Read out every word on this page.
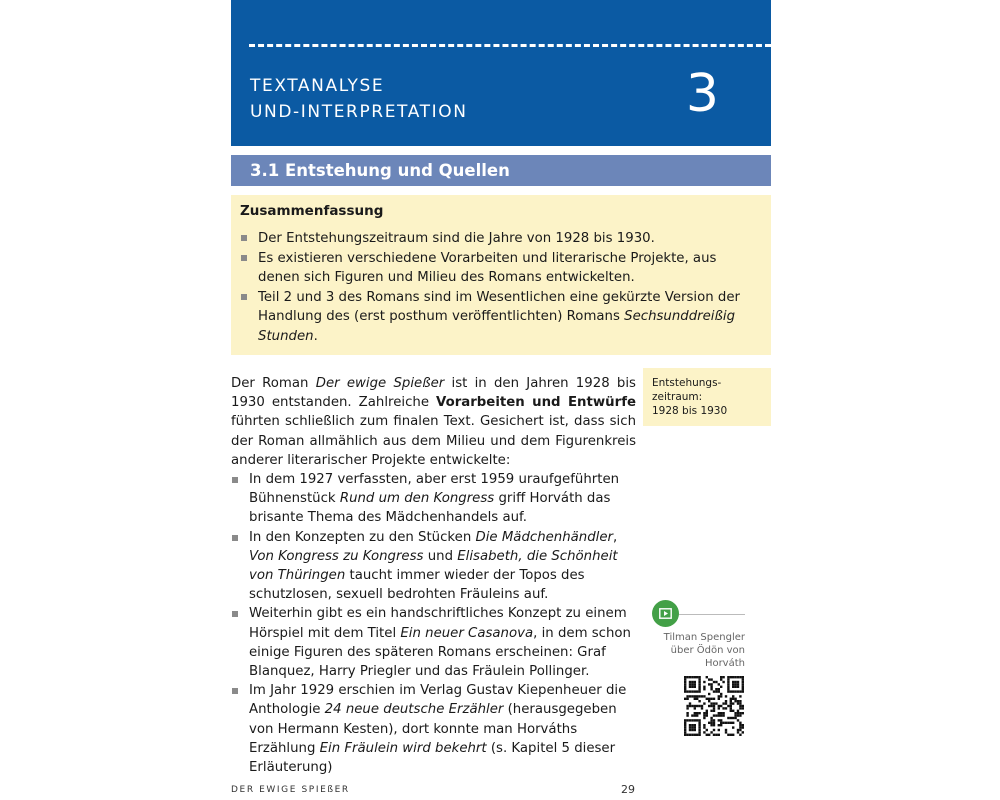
TEXTANALYSE
UND-INTERPRETATION	3
3.1 Entstehung und Quellen
Zusammenfassung
Der Entstehungszeitraum sind die Jahre von 1928 bis 1930.
Es existieren verschiedene Vorarbeiten und literarische Projekte, aus denen sich Figuren und Milieu des Romans entwickelten.
Teil 2 und 3 des Romans sind im Wesentlichen eine gekürzte Version der Handlung des (erst posthum veröffentlichten) Romans Sechsunddreißig Stunden.
Entstehungs-
zeitraum:
1928 bis 1930

Der Roman Der ewige Spießer ist in den Jahren 1928 bis 1930 entstanden. Zahlreiche Vorarbeiten und Entwürfe führten schließlich zum finalen Text. Gesichert ist, dass sich der Roman allmählich aus dem Milieu und dem Figurenkreis anderer literarischer Projekte entwickelte:

In dem 1927 verfassten, aber erst 1959 uraufgeführten Bühnenstück Rund um den Kongress griff Horváth das brisante Thema des Mädchenhandels auf.
In den Konzepten zu den Stücken Die Mädchenhändler, Von Kongress zu Kongress und Elisabeth, die Schönheit von Thüringen taucht immer wieder der Topos des schutzlosen, sexuell bedrohten Fräuleins auf.
Weiterhin gibt es ein handschriftliches Konzept zu einem Hörspiel mit dem Titel Ein neuer Casanova, in dem schon einige Figuren des späteren Romans erscheinen: Graf Blanquez, Harry Priegler und das Fräulein Pollinger.
Im Jahr 1929 erschien im Verlag Gustav Kiepenheuer die Anthologie 24 neue deutsche Erzähler (herausgegeben von Hermann Kesten), dort konnte man Horváths Erzählung Ein Fräulein wird bekehrt (s. Kapitel 5 dieser Erläuterung)
Tilman Spengler
über Ödön von
Horváth
DER EWIGE SPIEßER	29
